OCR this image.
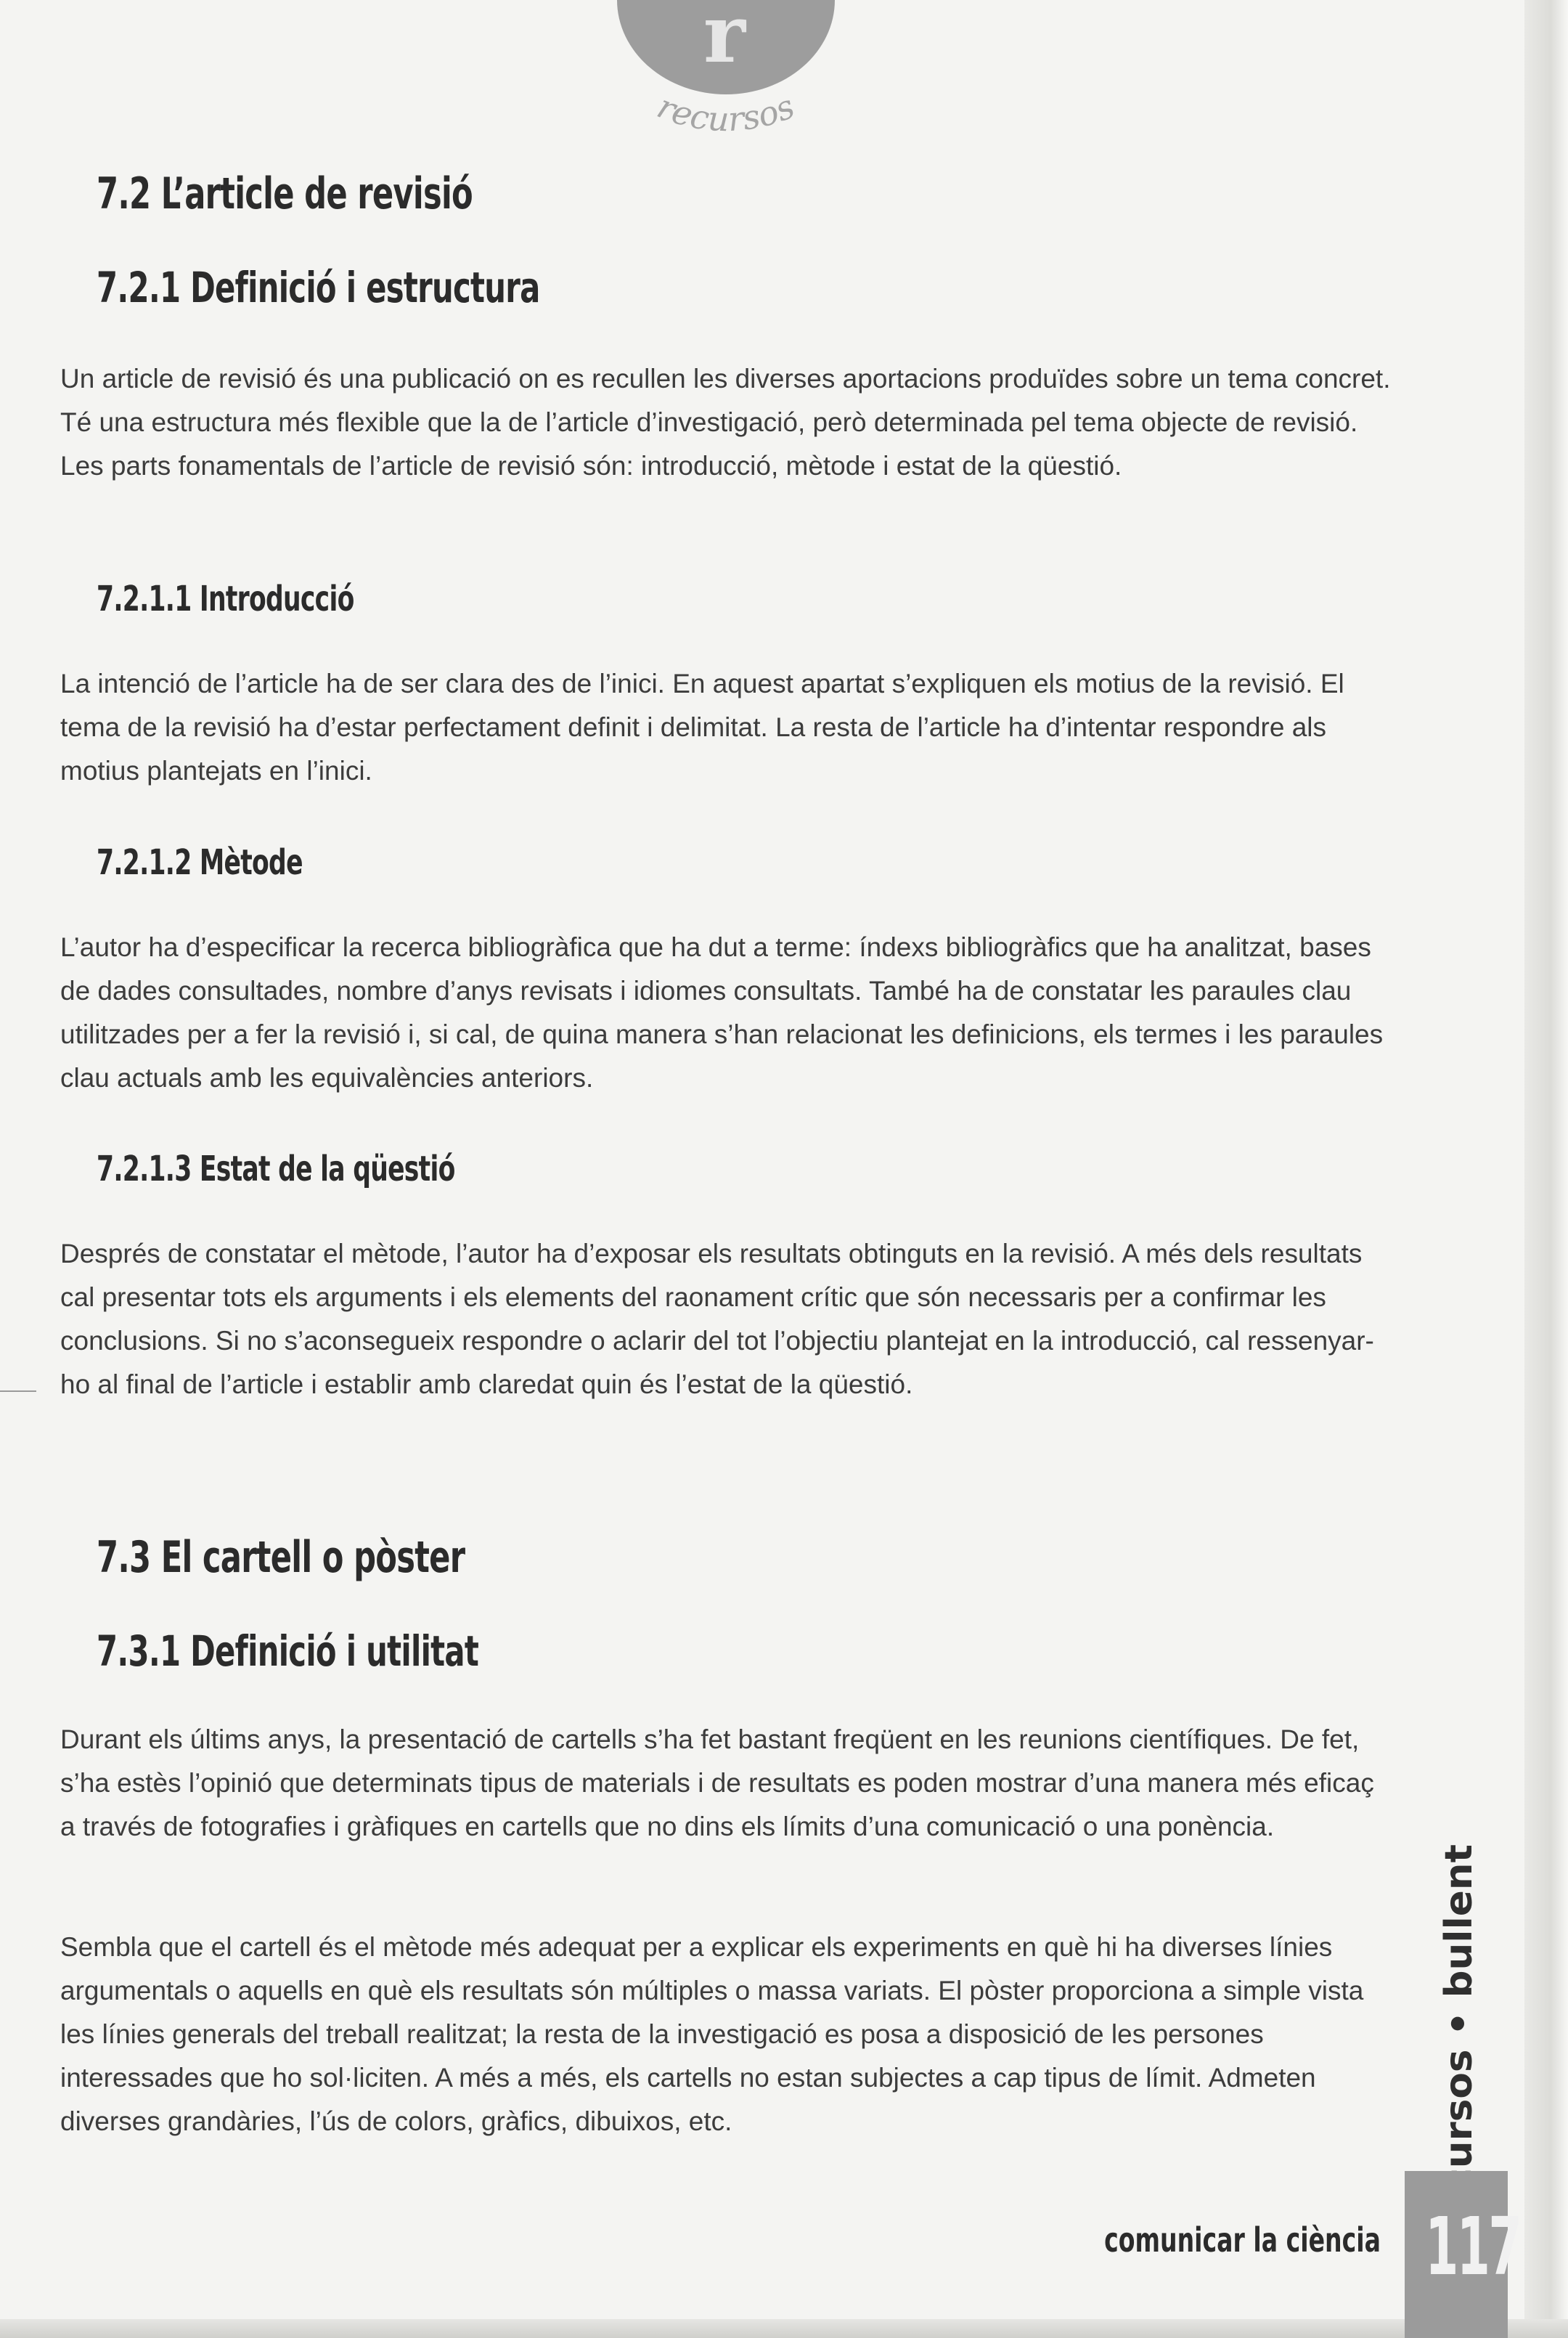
r
recursos
7.2 L’article de revisió
7.2.1 Definició i estructura

Un article de revisió és una publicació on es recullen les diverses aportacions produïdes sobre un tema concret. Té una estructura més flexible que la de l’article d’investigació, però determinada pel tema objecte de revisió. Les parts fonamentals de l’article de revisió són: introducció, mètode i estat de la qüestió.

7.2.1.1 Introducció

La intenció de l’article ha de ser clara des de l’inici. En aquest apartat s’expliquen els motius de la revisió. El tema de la revisió ha d’estar perfectament definit i delimitat. La resta de l’article ha d’intentar respondre als motius plantejats en l’inici.

7.2.1.2 Mètode

L’autor ha d’especificar la recerca bibliogràfica que ha dut a terme: índexs bibliogràfics que ha analitzat, bases de dades consultades, nombre d’anys revisats i idiomes consultats. També ha de constatar les paraules clau utilitzades per a fer la revisió i, si cal, de quina manera s’han relacionat les definicions, els termes i les paraules clau actuals amb les equivalències anteriors.

7.2.1.3 Estat de la qüestió

Després de constatar el mètode, l’autor ha d’exposar els resultats obtinguts en la revisió. A més dels resultats cal presentar tots els arguments i els elements del raonament crític que són necessaris per a confirmar les conclusions. Si no s’aconsegueix respondre o aclarir del tot l’objectiu plantejat en la introducció, cal ressenyar-ho al final de l’article i establir amb claredat quin és l’estat de la qüestió.

7.3 El cartell o pòster
7.3.1 Definició i utilitat

Durant els últims anys, la presentació de cartells s’ha fet bastant freqüent en les reunions científiques. De fet, s’ha estès l’opinió que determinats tipus de materials i de resultats es poden mostrar d’una manera més eficaç a través de fotografies i gràfiques en cartells que no dins els límits d’una comunicació o una ponència.

Sembla que el cartell és el mètode més adequat per a explicar els experiments en què hi ha diverses línies argumentals o aquells en què els resultats són múltiples o massa variats. El pòster proporciona a simple vista les línies generals del treball realitzat; la resta de la investigació es posa a disposició de les persones interessades que ho sol·liciten. A més a més, els cartells no estan subjectes a cap tipus de límit. Admeten diverses grandàries, l’ús de colors, gràfics, dibuixos, etc.	recursos • bullent
comunicar la ciència 117
